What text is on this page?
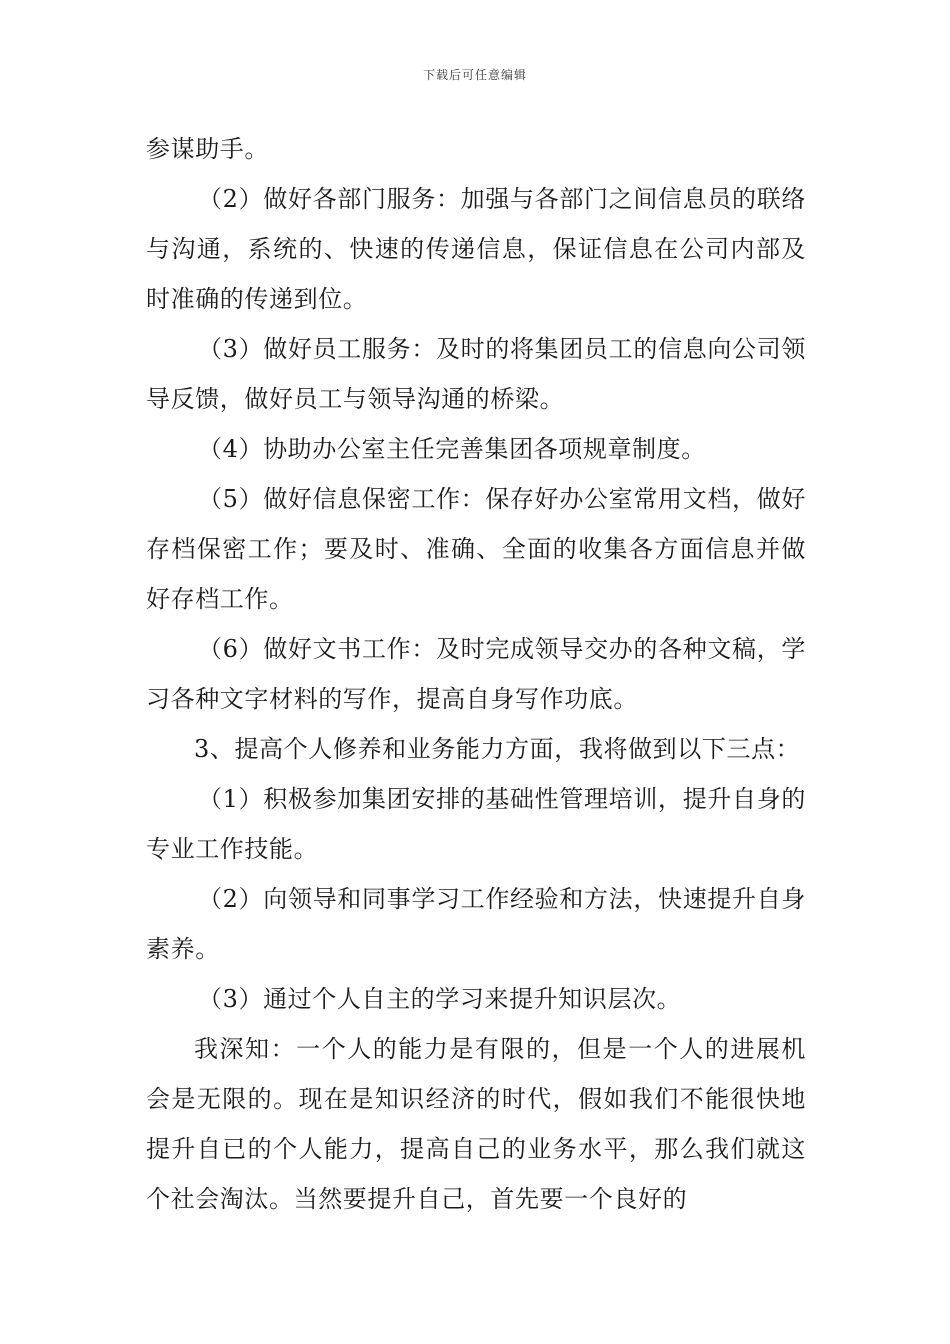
下载后可任意编辑

参谋助手。

（2）做好各部门服务：加强与各部门之间信息员的联络与沟通，系统的、快速的传递信息，保证信息在公司内部及时准确的传递到位。

（3）做好员工服务：及时的将集团员工的信息向公司领导反馈，做好员工与领导沟通的桥梁。

（4）协助办公室主任完善集团各项规章制度。

（5）做好信息保密工作：保存好办公室常用文档，做好存档保密工作；要及时、准确、全面的收集各方面信息并做好存档工作。

（6）做好文书工作：及时完成领导交办的各种文稿，学习各种文字材料的写作，提高自身写作功底。

3、提高个人修养和业务能力方面，我将做到以下三点：

（1）积极参加集团安排的基础性管理培训，提升自身的专业工作技能。

（2）向领导和同事学习工作经验和方法，快速提升自身素养。

（3）通过个人自主的学习来提升知识层次。

我深知：一个人的能力是有限的，但是一个人的进展机会是无限的。现在是知识经济的时代，假如我们不能很快地提升自已的个人能力，提高自己的业务水平，那么我们就这个社会淘汰。当然要提升自己，首先要一个良好的
